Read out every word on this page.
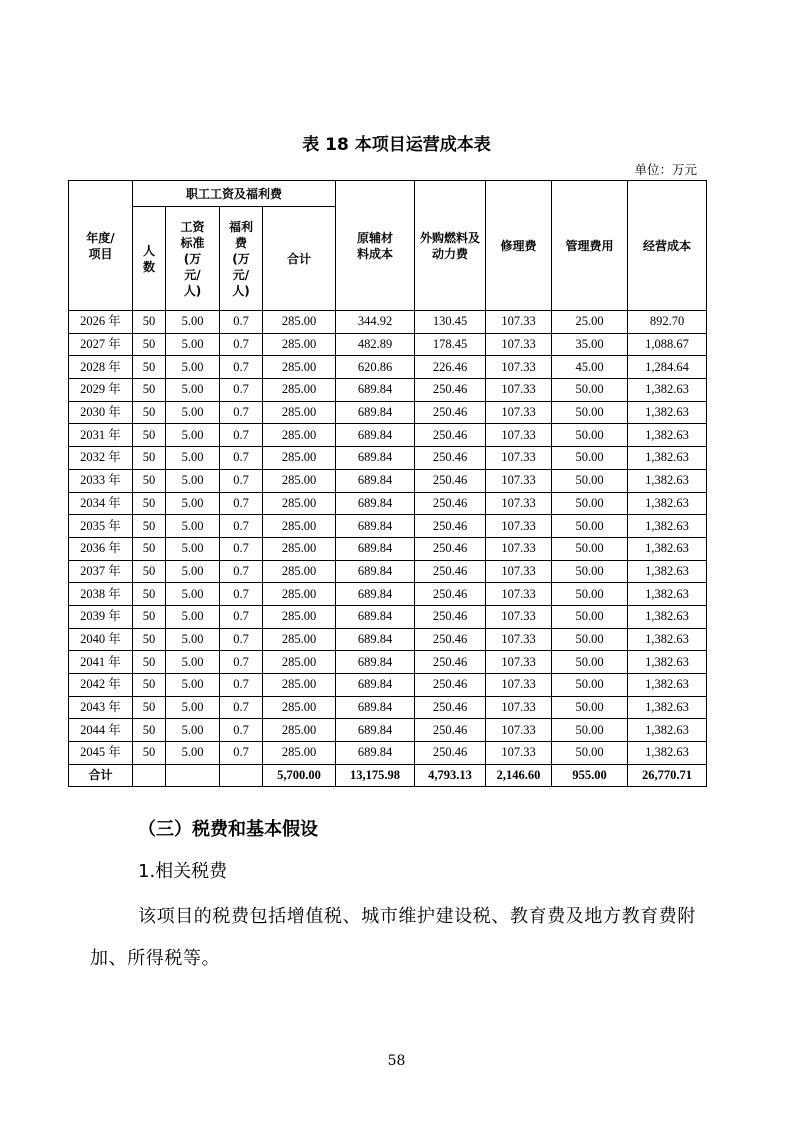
表 18 本项目运营成本表
单位：万元
年度/项目	职工工资及福利费				原辅材料成本	外购燃料及动力费	修理费	管理费用	经营成本

	人数	工资标准(万元/人)	福利费(万元/人)	合计					
2026 年	50	5.00	0.7	285.00	344.92	130.45	107.33	25.00	892.70
2027 年	50	5.00	0.7	285.00	482.89	178.45	107.33	35.00	1,088.67
2028 年	50	5.00	0.7	285.00	620.86	226.46	107.33	45.00	1,284.64
2029 年	50	5.00	0.7	285.00	689.84	250.46	107.33	50.00	1,382.63
2030 年	50	5.00	0.7	285.00	689.84	250.46	107.33	50.00	1,382.63
2031 年	50	5.00	0.7	285.00	689.84	250.46	107.33	50.00	1,382.63
2032 年	50	5.00	0.7	285.00	689.84	250.46	107.33	50.00	1,382.63
2033 年	50	5.00	0.7	285.00	689.84	250.46	107.33	50.00	1,382.63
2034 年	50	5.00	0.7	285.00	689.84	250.46	107.33	50.00	1,382.63
2035 年	50	5.00	0.7	285.00	689.84	250.46	107.33	50.00	1,382.63
2036 年	50	5.00	0.7	285.00	689.84	250.46	107.33	50.00	1,382.63
2037 年	50	5.00	0.7	285.00	689.84	250.46	107.33	50.00	1,382.63
2038 年	50	5.00	0.7	285.00	689.84	250.46	107.33	50.00	1,382.63
2039 年	50	5.00	0.7	285.00	689.84	250.46	107.33	50.00	1,382.63
2040 年	50	5.00	0.7	285.00	689.84	250.46	107.33	50.00	1,382.63
2041 年	50	5.00	0.7	285.00	689.84	250.46	107.33	50.00	1,382.63
2042 年	50	5.00	0.7	285.00	689.84	250.46	107.33	50.00	1,382.63
2043 年	50	5.00	0.7	285.00	689.84	250.46	107.33	50.00	1,382.63
2044 年	50	5.00	0.7	285.00	689.84	250.46	107.33	50.00	1,382.63
2045 年	50	5.00	0.7	285.00	689.84	250.46	107.33	50.00	1,382.63
合计				5,700.00	13,175.98	4,793.13	2,146.60	955.00	26,770.71
（三）税费和基本假设
1.相关税费
该项目的税费包括增值税、城市维护建设税、教育费及地方教育费附加、所得税等。
58
